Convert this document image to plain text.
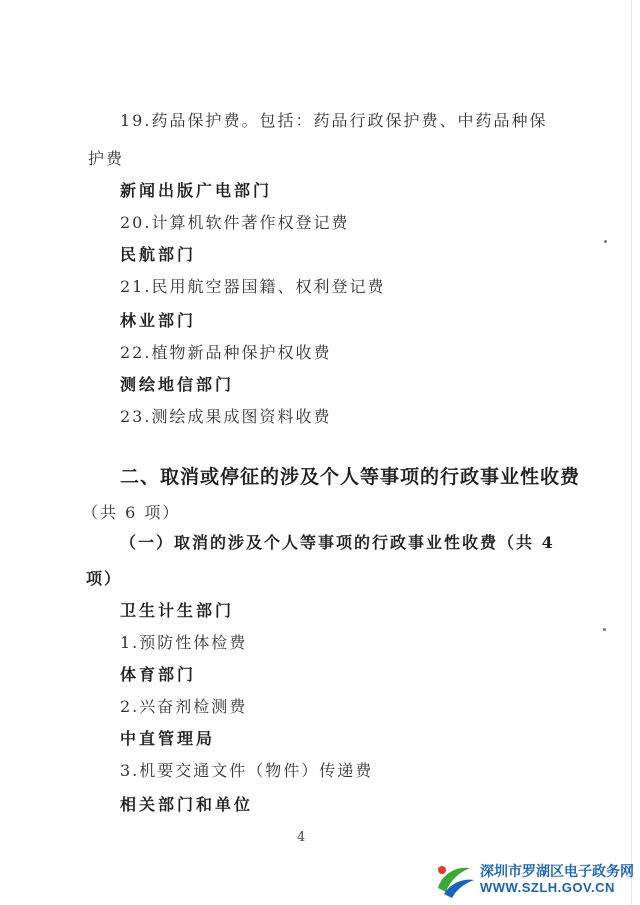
19.药品保护费。包括：药品行政保护费、中药品种保
护费
新闻出版广电部门
20.计算机软件著作权登记费
民航部门
21.民用航空器国籍、权利登记费
林业部门
22.植物新品种保护权收费
测绘地信部门
23.测绘成果成图资料收费
二、取消或停征的涉及个人等事项的行政事业性收费
（共 6 项）
（一）取消的涉及个人等事项的行政事业性收费（共 4
项）
卫生计生部门
1.预防性体检费
体育部门
2.兴奋剂检测费
中直管理局
3.机要交通文件（物件）传递费
相关部门和单位
4
深圳市罗湖区电子政务网
WWW.SZLH.GOV.CN
